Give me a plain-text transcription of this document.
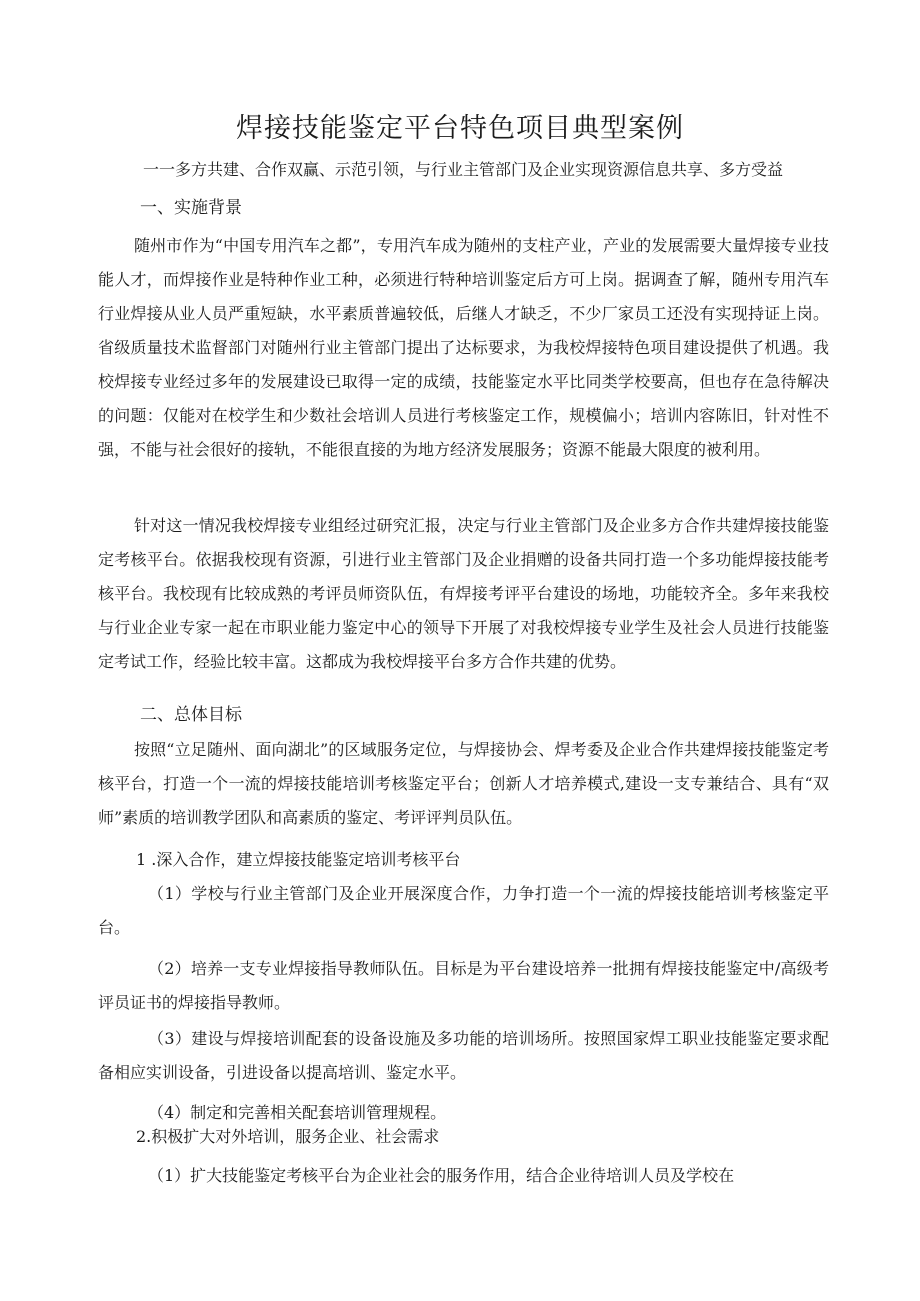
焊接技能鉴定平台特色项目典型案例
一一多方共建、合作双赢、示范引领，与行业主管部门及企业实现资源信息共享、多方受益
一、实施背景
随州市作为“中国专用汽车之都”，专用汽车成为随州的支柱产业，产业的发展需要大量焊接专业技能人才，而焊接作业是特种作业工种，必须进行特种培训鉴定后方可上岗。据调查了解，随州专用汽车行业焊接从业人员严重短缺，水平素质普遍较低，后继人才缺乏，不少厂家员工还没有实现持证上岗。省级质量技术监督部门对随州行业主管部门提出了达标要求，为我校焊接特色项目建设提供了机遇。我校焊接专业经过多年的发展建设已取得一定的成绩，技能鉴定水平比同类学校要高，但也存在急待解决的问题：仅能对在校学生和少数社会培训人员进行考核鉴定工作，规模偏小；培训内容陈旧，针对性不强，不能与社会很好的接轨，不能很直接的为地方经济发展服务；资源不能最大限度的被利用。
针对这一情况我校焊接专业组经过研究汇报，决定与行业主管部门及企业多方合作共建焊接技能鉴定考核平台。依据我校现有资源，引进行业主管部门及企业捐赠的设备共同打造一个多功能焊接技能考核平台。我校现有比较成熟的考评员师资队伍，有焊接考评平台建设的场地，功能较齐全。多年来我校与行业企业专家一起在市职业能力鉴定中心的领导下开展了对我校焊接专业学生及社会人员进行技能鉴定考试工作，经验比较丰富。这都成为我校焊接平台多方合作共建的优势。
二、总体目标
按照“立足随州、面向湖北”的区域服务定位，与焊接协会、焊考委及企业合作共建焊接技能鉴定考核平台，打造一个一流的焊接技能培训考核鉴定平台；创新人才培养模式,建设一支专兼结合、具有“双师”素质的培训教学团队和高素质的鉴定、考评评判员队伍。
1 .深入合作，建立焊接技能鉴定培训考核平台
（1）学校与行业主管部门及企业开展深度合作，力争打造一个一流的焊接技能培训考核鉴定平台。
（2）培养一支专业焊接指导教师队伍。目标是为平台建设培养一批拥有焊接技能鉴定中/高级考评员证书的焊接指导教师。
（3）建设与焊接培训配套的设备设施及多功能的培训场所。按照国家焊工职业技能鉴定要求配备相应实训设备，引进设备以提高培训、鉴定水平。
（4）制定和完善相关配套培训管理规程。
2.积极扩大对外培训，服务企业、社会需求
（1）扩大技能鉴定考核平台为企业社会的服务作用，结合企业待培训人员及学校在
